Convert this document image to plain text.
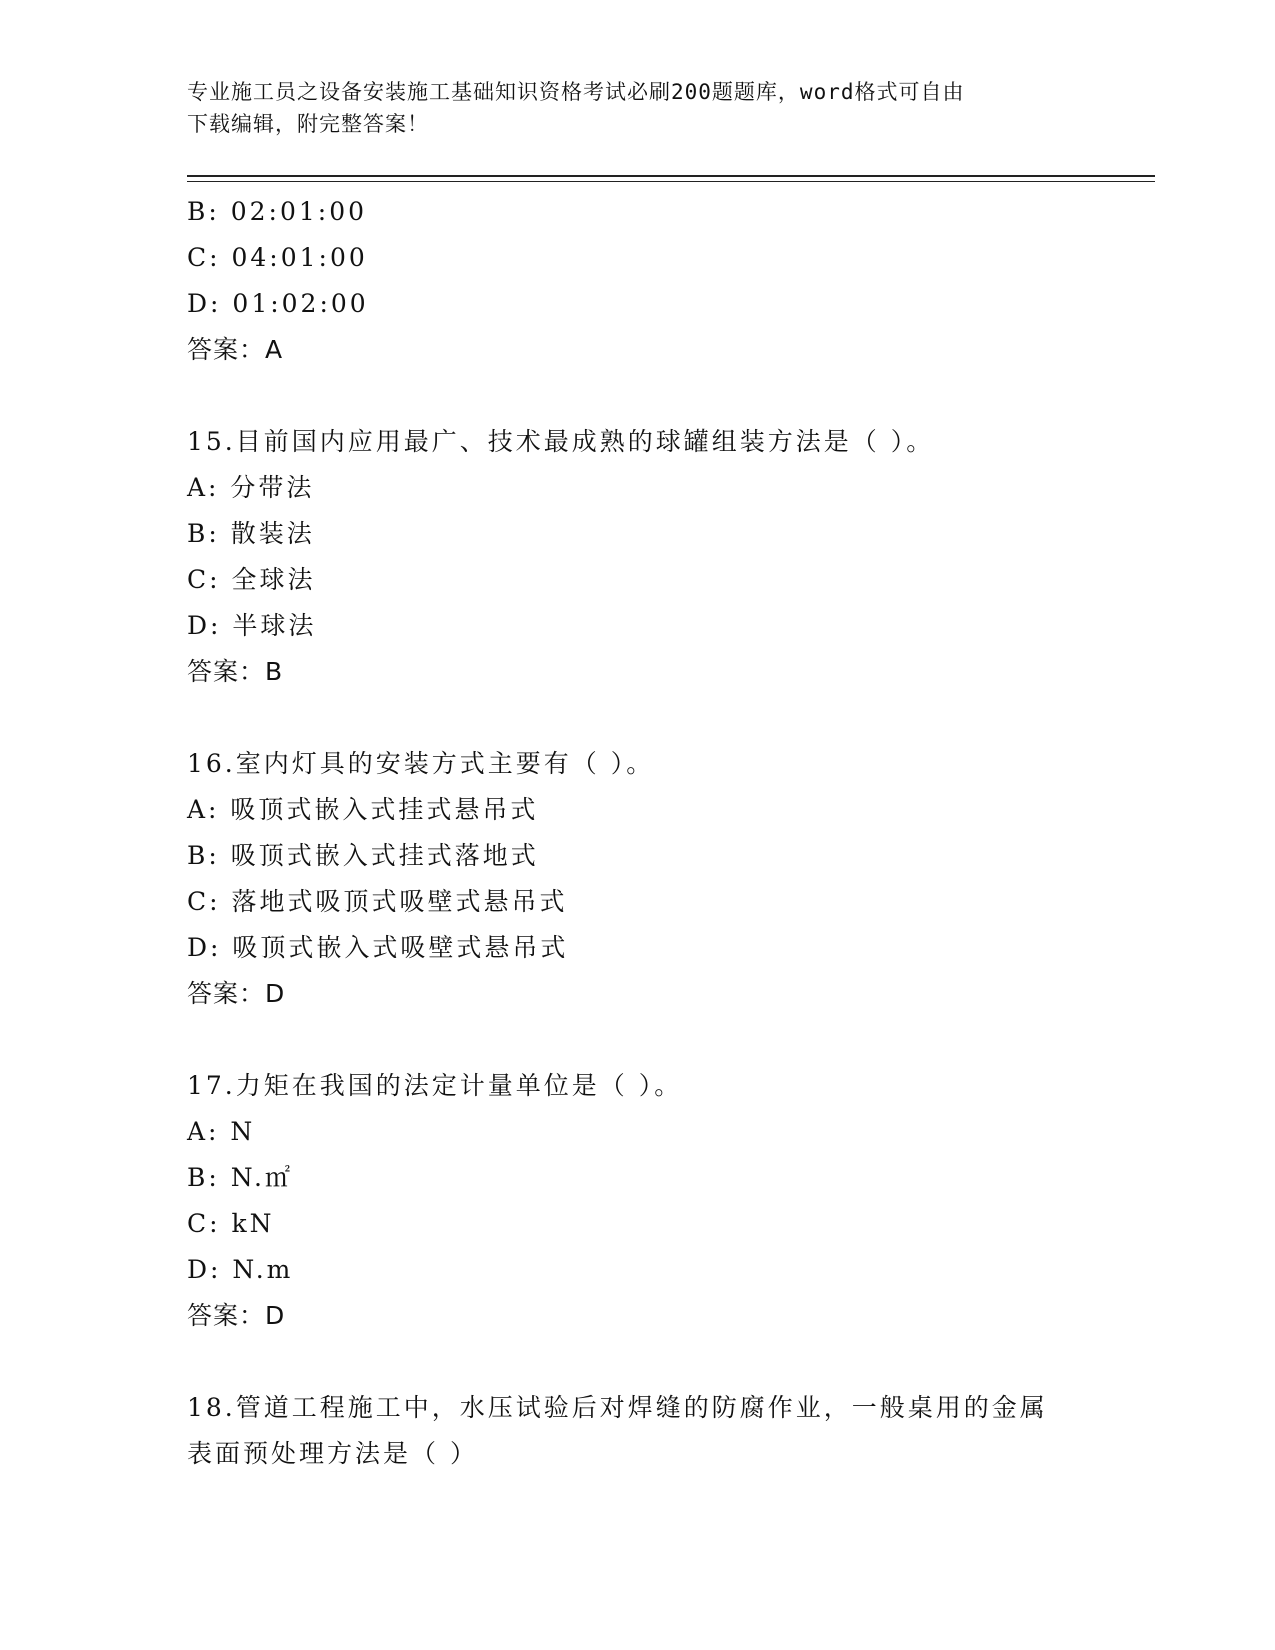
专业施工员之设备安装施工基础知识资格考试必刷200题题库，word格式可自由
下载编辑，附完整答案！
B: 02:01:00
C: 04:01:00
D: 01:02:00
答案：A
15.目前国内应用最广、技术最成熟的球罐组装方法是（ ）。
A: 分带法
B: 散装法
C: 全球法
D: 半球法
答案：B
16.室内灯具的安装方式主要有（ ）。
A: 吸顶式嵌入式挂式悬吊式
B: 吸顶式嵌入式挂式落地式
C: 落地式吸顶式吸壁式悬吊式
D: 吸顶式嵌入式吸壁式悬吊式
答案：D
17.力矩在我国的法定计量单位是（ ）。
A: N
B: N.㎡
C: kN
D: N.m
答案：D
18.管道工程施工中，水压试验后对焊缝的防腐作业，一般桌用的金属
表面预处理方法是（ ）
